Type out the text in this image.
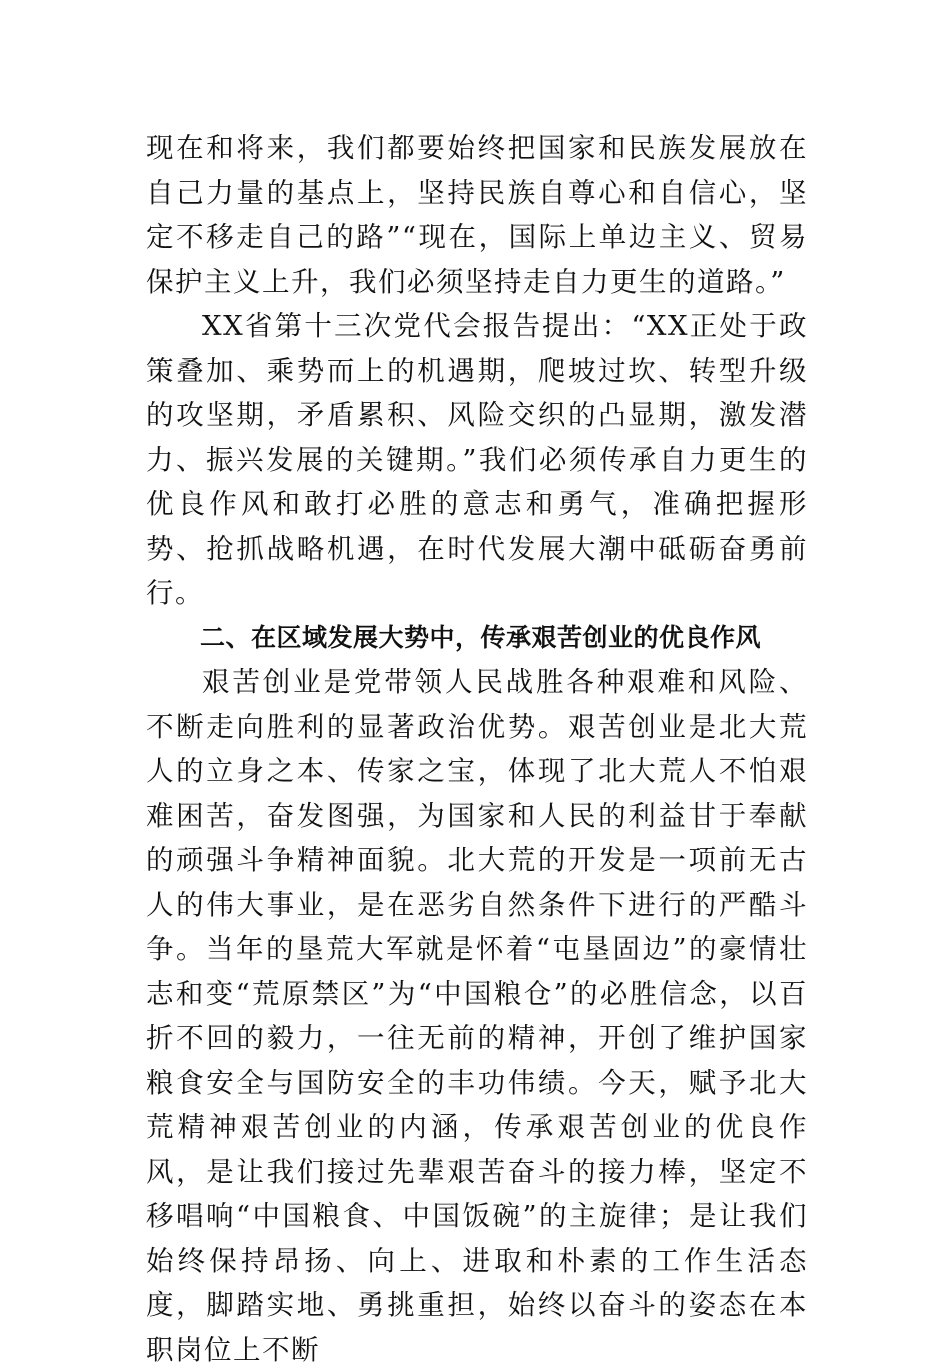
现在和将来，我们都要始终把国家和民族发展放在自己力量的基点上，坚持民族自尊心和自信心，坚定不移走自己的路”“现在，国际上单边主义、贸易保护主义上升，我们必须坚持走自力更生的道路。”

XX省第十三次党代会报告提出：“XX正处于政策叠加、乘势而上的机遇期，爬坡过坎、转型升级的攻坚期，矛盾累积、风险交织的凸显期，激发潜力、振兴发展的关键期。”我们必须传承自力更生的优良作风和敢打必胜的意志和勇气，准确把握形势、抢抓战略机遇，在时代发展大潮中砥砺奋勇前行。

二、在区域发展大势中，传承艰苦创业的优良作风

艰苦创业是党带领人民战胜各种艰难和风险、不断走向胜利的显著政治优势。艰苦创业是北大荒人的立身之本、传家之宝，体现了北大荒人不怕艰难困苦，奋发图强，为国家和人民的利益甘于奉献的顽强斗争精神面貌。北大荒的开发是一项前无古人的伟大事业，是在恶劣自然条件下进行的严酷斗争。当年的垦荒大军就是怀着“屯垦固边”的豪情壮志和变“荒原禁区”为“中国粮仓”的必胜信念，以百折不回的毅力，一往无前的精神，开创了维护国家粮食安全与国防安全的丰功伟绩。今天，赋予北大荒精神艰苦创业的内涵，传承艰苦创业的优良作风，是让我们接过先辈艰苦奋斗的接力棒，坚定不移唱响“中国粮食、中国饭碗”的主旋律；是让我们始终保持昂扬、向上、进取和朴素的工作生活态度，脚踏实地、勇挑重担，始终以奋斗的姿态在本职岗位上不断
